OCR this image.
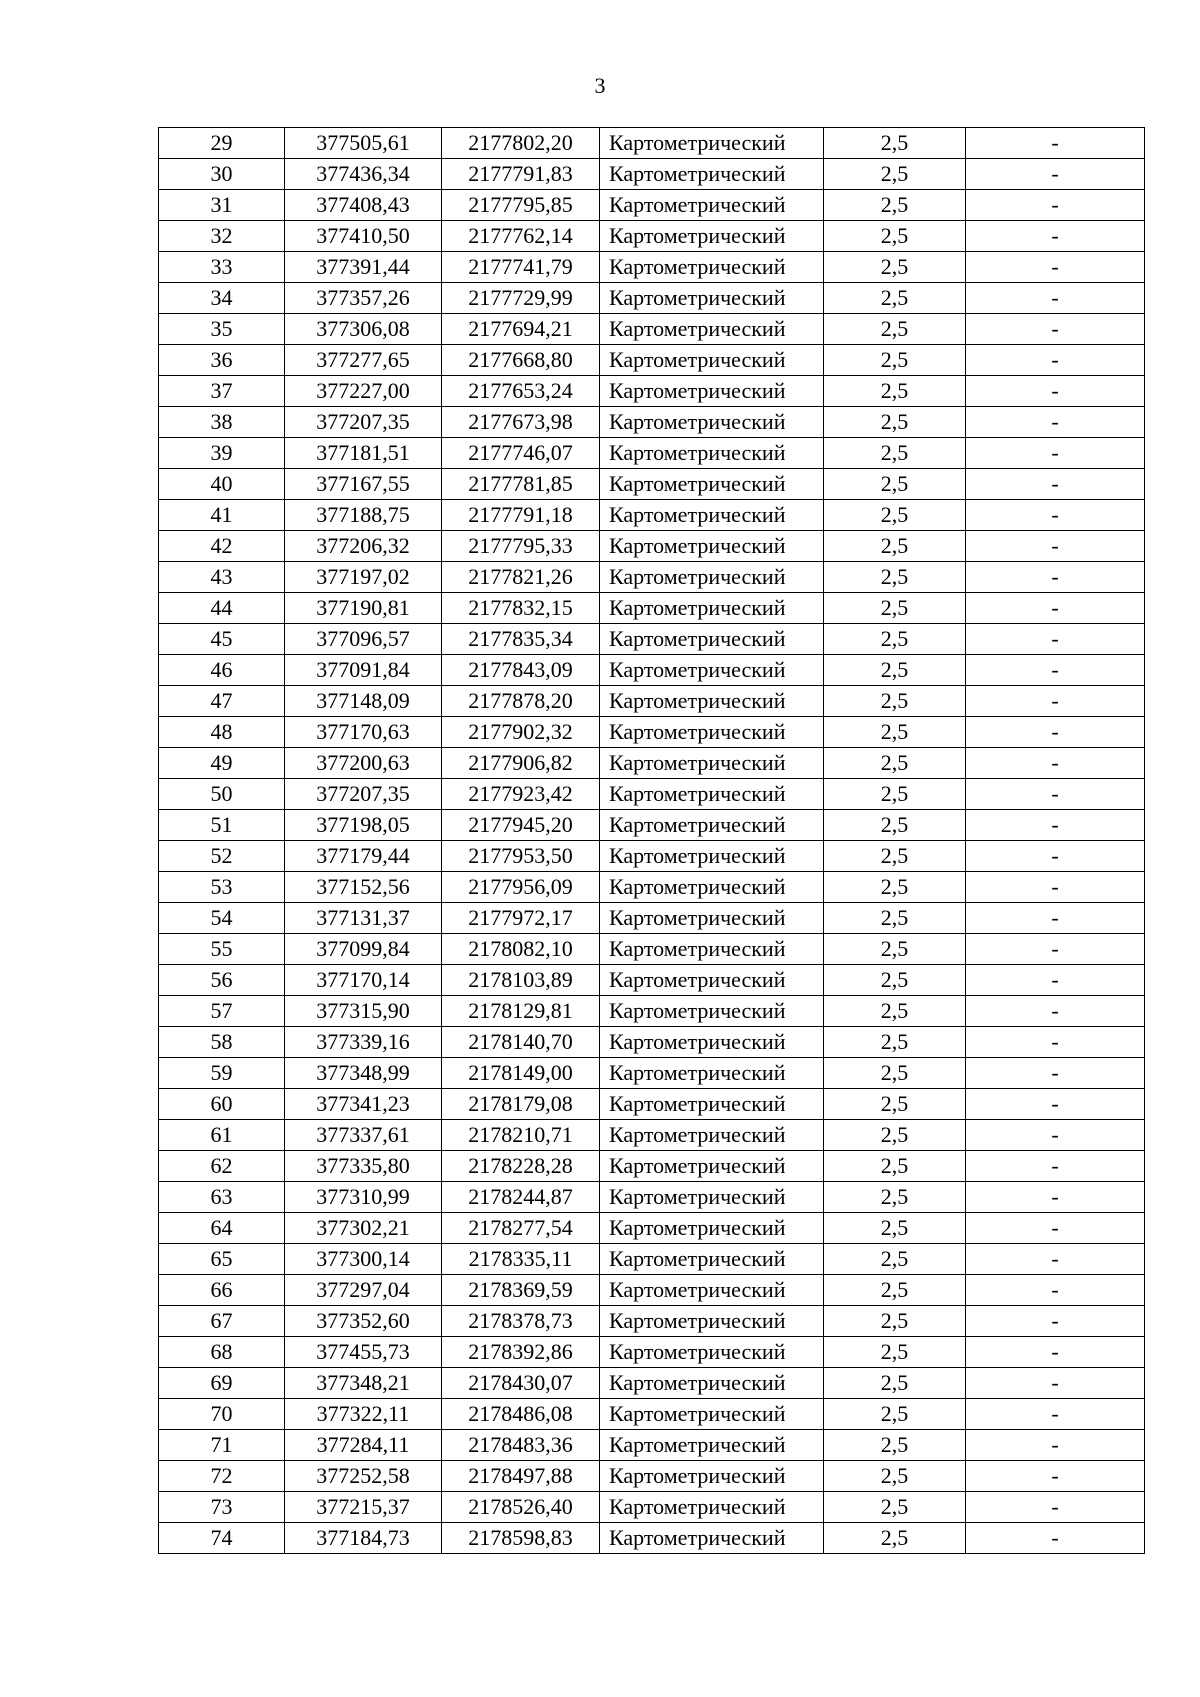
3
29	377505,61	2177802,20	Картометрический	2,5	-
30	377436,34	2177791,83	Картометрический	2,5	-
31	377408,43	2177795,85	Картометрический	2,5	-
32	377410,50	2177762,14	Картометрический	2,5	-
33	377391,44	2177741,79	Картометрический	2,5	-
34	377357,26	2177729,99	Картометрический	2,5	-
35	377306,08	2177694,21	Картометрический	2,5	-
36	377277,65	2177668,80	Картометрический	2,5	-
37	377227,00	2177653,24	Картометрический	2,5	-
38	377207,35	2177673,98	Картометрический	2,5	-
39	377181,51	2177746,07	Картометрический	2,5	-
40	377167,55	2177781,85	Картометрический	2,5	-
41	377188,75	2177791,18	Картометрический	2,5	-
42	377206,32	2177795,33	Картометрический	2,5	-
43	377197,02	2177821,26	Картометрический	2,5	-
44	377190,81	2177832,15	Картометрический	2,5	-
45	377096,57	2177835,34	Картометрический	2,5	-
46	377091,84	2177843,09	Картометрический	2,5	-
47	377148,09	2177878,20	Картометрический	2,5	-
48	377170,63	2177902,32	Картометрический	2,5	-
49	377200,63	2177906,82	Картометрический	2,5	-
50	377207,35	2177923,42	Картометрический	2,5	-
51	377198,05	2177945,20	Картометрический	2,5	-
52	377179,44	2177953,50	Картометрический	2,5	-
53	377152,56	2177956,09	Картометрический	2,5	-
54	377131,37	2177972,17	Картометрический	2,5	-
55	377099,84	2178082,10	Картометрический	2,5	-
56	377170,14	2178103,89	Картометрический	2,5	-
57	377315,90	2178129,81	Картометрический	2,5	-
58	377339,16	2178140,70	Картометрический	2,5	-
59	377348,99	2178149,00	Картометрический	2,5	-
60	377341,23	2178179,08	Картометрический	2,5	-
61	377337,61	2178210,71	Картометрический	2,5	-
62	377335,80	2178228,28	Картометрический	2,5	-
63	377310,99	2178244,87	Картометрический	2,5	-
64	377302,21	2178277,54	Картометрический	2,5	-
65	377300,14	2178335,11	Картометрический	2,5	-
66	377297,04	2178369,59	Картометрический	2,5	-
67	377352,60	2178378,73	Картометрический	2,5	-
68	377455,73	2178392,86	Картометрический	2,5	-
69	377348,21	2178430,07	Картометрический	2,5	-
70	377322,11	2178486,08	Картометрический	2,5	-
71	377284,11	2178483,36	Картометрический	2,5	-
72	377252,58	2178497,88	Картометрический	2,5	-
73	377215,37	2178526,40	Картометрический	2,5	-
74	377184,73	2178598,83	Картометрический	2,5	-
